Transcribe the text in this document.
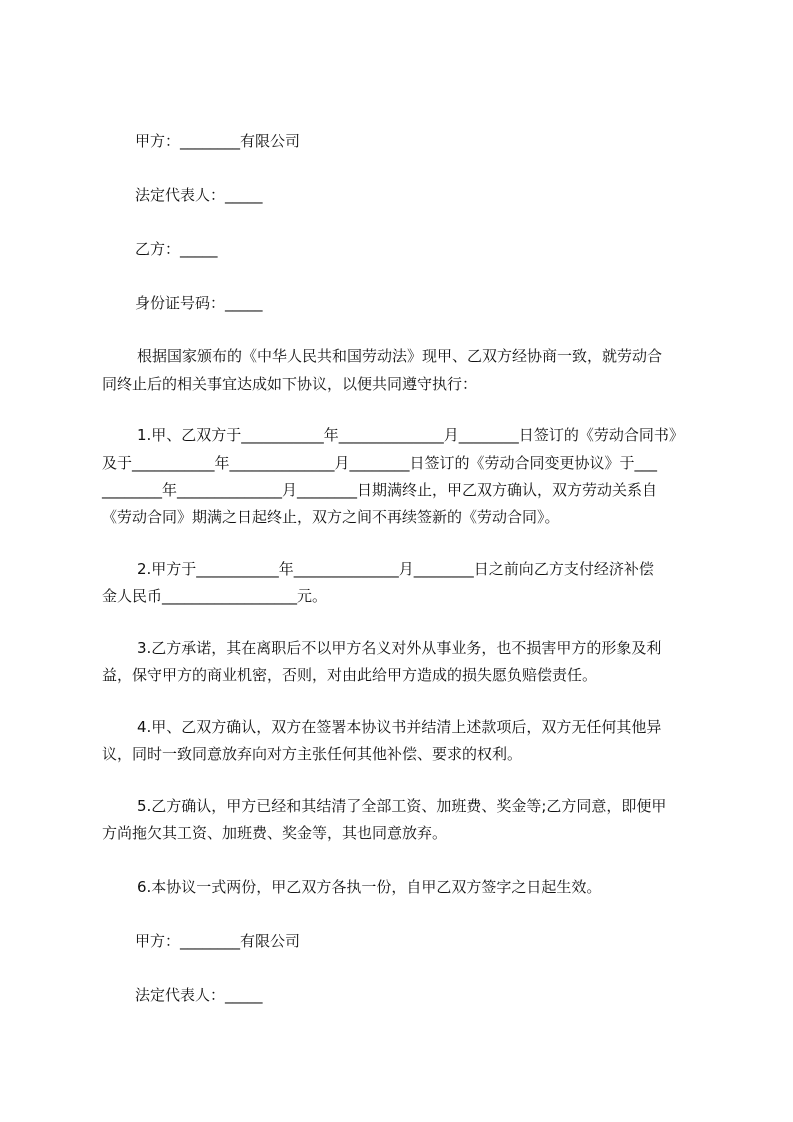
甲方：________有限公司

法定代表人：_____

乙方：_____

身份证号码：_____

根据国家颁布的《中华人民共和国劳动法》现甲、乙双方经协商一致，就劳动合

同终止后的相关事宜达成如下协议，以便共同遵守执行：

1.甲、乙双方于___________年______________月________日签订的《劳动合同书》

及于___________年______________月________日签订的《劳动合同变更协议》于___

________年______________月________日期满终止，甲乙双方确认，双方劳动关系自

《劳动合同》期满之日起终止，双方之间不再续签新的《劳动合同》。

2.甲方于___________年______________月________日之前向乙方支付经济补偿

金人民币__________________元。

3.乙方承诺，其在离职后不以甲方名义对外从事业务，也不损害甲方的形象及利

益，保守甲方的商业机密，否则，对由此给甲方造成的损失愿负赔偿责任。

4.甲、乙双方确认，双方在签署本协议书并结清上述款项后，双方无任何其他异

议，同时一致同意放弃向对方主张任何其他补偿、要求的权利。

5.乙方确认，甲方已经和其结清了全部工资、加班费、奖金等;乙方同意，即便甲

方尚拖欠其工资、加班费、奖金等，其也同意放弃。

6.本协议一式两份，甲乙双方各执一份，自甲乙双方签字之日起生效。

甲方：________有限公司

法定代表人：_____
